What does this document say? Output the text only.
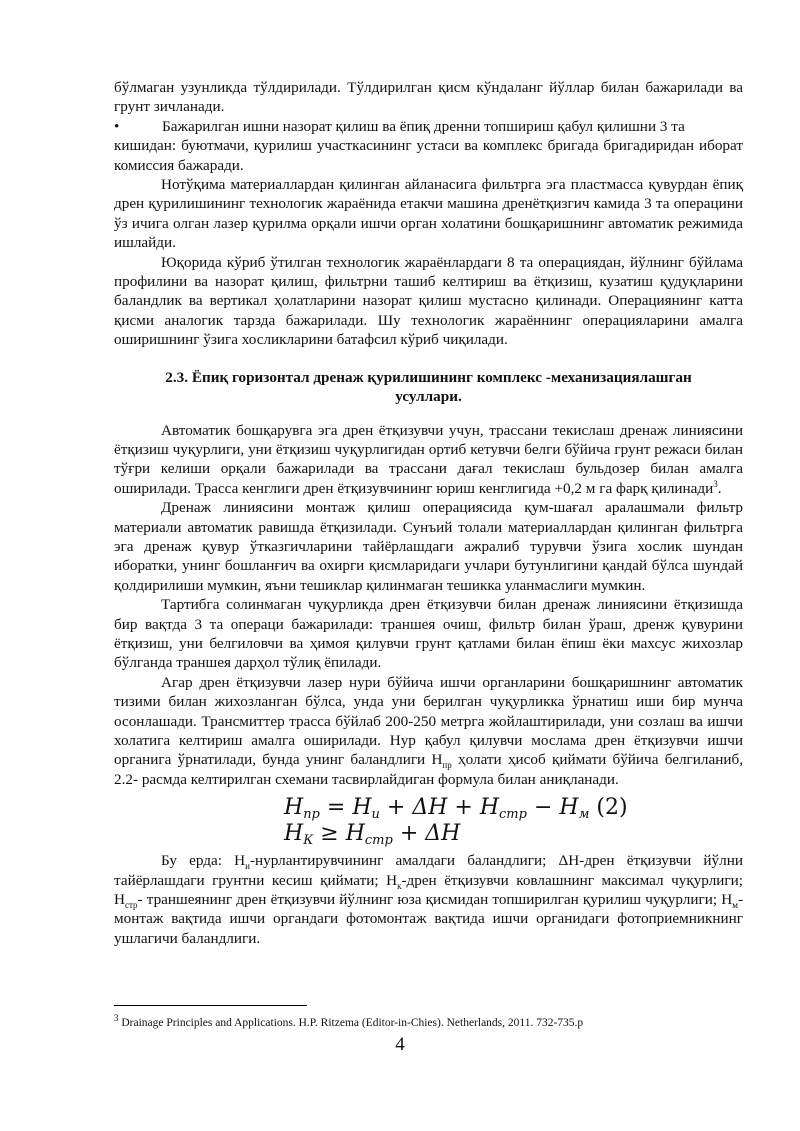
бўлмаган узунликда тўлдирилади. Тўлдирилган қисм кўндаланг йўллар билан бажарилади ва грунт зичланади.

•	Бажарилган ишни назорат қилиш ва ёпиқ дренни топшириш қабул қилишни 3 та

кишидан: буютмачи, қурилиш участкасининг устаси ва комплекс бригада бригадиридан иборат комиссия бажаради.

Нотўқима материаллардан қилинган айланасига фильтрга эга пластмасса қувурдан ёпиқ дрен қурилишининг технологик жараёнида етакчи машина дренётқизгич камида 3 та операцини ўз ичига олган лазер қурилма орқали ишчи орган холатини бошқаришнинг автоматик режимида ишлайди.

Юқорида кўриб ўтилган технологик жараёнлардаги 8 та операциядан, йўлнинг бўйлама профилини ва назорат қилиш, фильтрни ташиб келтириш ва ётқизиш, кузатиш қудуқларини баландлик ва вертикал ҳолатларини назорат қилиш мустасно қилинади. Операциянинг катта қисми аналогик тарзда бажарилади. Шу технологик жараённинг операцияларини амалга оширишнинг ўзига хосликларини батафсил кўриб чиқилади.

2.3. Ёпиқ горизонтал дренаж қурилишининг комплекс -механизациялашган усуллари.

Автоматик бошқарувга эга дрен ётқизувчи учун, трассани текислаш дренаж линиясини ётқизиш чуқурлиги, уни ётқизиш чуқурлигидан ортиб кетувчи белги бўйича грунт режаси билан тўғри келиши орқали бажарилади ва трассани дағал текислаш бульдозер билан амалга оширилади. Трасса кенглиги дрен ётқизувчининг юриш кенглигида +0,2 м га фарқ қилинади$^3$.

Дренаж линиясини монтаж қилиш операциясида қум-шағал аралашмали фильтр материали автоматик равишда ётқизилади. Сунъий толали материаллардан қилинган фильтрга эга дренаж қувур ўтказгичларини тайёрлашдаги ажралиб турувчи ўзига хослик шундан иборатки, унинг бошланғич ва охирги қисмларидаги учлари бутунлигини қандай бўлса шундай қолдирилиши мумкин, яъни тешиклар қилинмаган тешикка уланмаслиги мумкин.

Тартибга солинмаган чуқурликда дрен ётқизувчи билан дренаж линиясини ётқизишда бир вақтда 3 та операци бажарилади: траншея очиш, фильтр билан ўраш, дренж қувурини ётқизиш, уни белгиловчи ва ҳимоя қилувчи грунт қатлами билан ёпиш ёки махсус жихозлар бўлганда траншея дарҳол тўлиқ ёпилади.

Агар дрен ётқизувчи лазер нури бўйича ишчи органларини бошқаришнинг автоматик тизими билан жихозланган бўлса, унда уни берилган чуқурликка ўрнатиш иши бир мунча осонлашади. Трансмиттер трасса бўйлаб 200-250 метрга жойлаштирилади, уни созлаш ва ишчи холатига келтириш амалга оширилади. Нур қабул қилувчи мослама дрен ётқизувчи ишчи органига ўрнатилади, бунда унинг баландлиги $Н_{пр}$ ҳолати ҳисоб қиймати бўйича белгиланиб, 2.2- расмда келтирилган схемани тасвирлайдиган формула билан аниқланади.

$H_{пр} = H_и + \Delta H + H_{стр} - H_м$ (2)
$H_К \ge H_{стр} + \Delta H$

Бу ерда: $Н_и$-нурлантирувчининг амалдаги баландлиги; ΔН-дрен ётқизувчи йўлни тайёрлашдаги грунтни кесиш қиймати; $Н_к$-дрен ётқизувчи ковлашнинг максимал чуқурлиги; $Н_{стр}-$ траншеянинг дрен ётқизувчи йўлнинг юза қисмидан топширилган қурилиш чуқурлиги; $Н_м-$ монтаж вақтида ишчи органдаги фотомонтаж вақтида ишчи органидаги фотоприемникнинг ушлагичи баландлиги.

$^3$ Drainage Principles and Applications. H.P. Ritzema (Editor-in-Chies). Netherlands, 2011. 732-735.p
4
